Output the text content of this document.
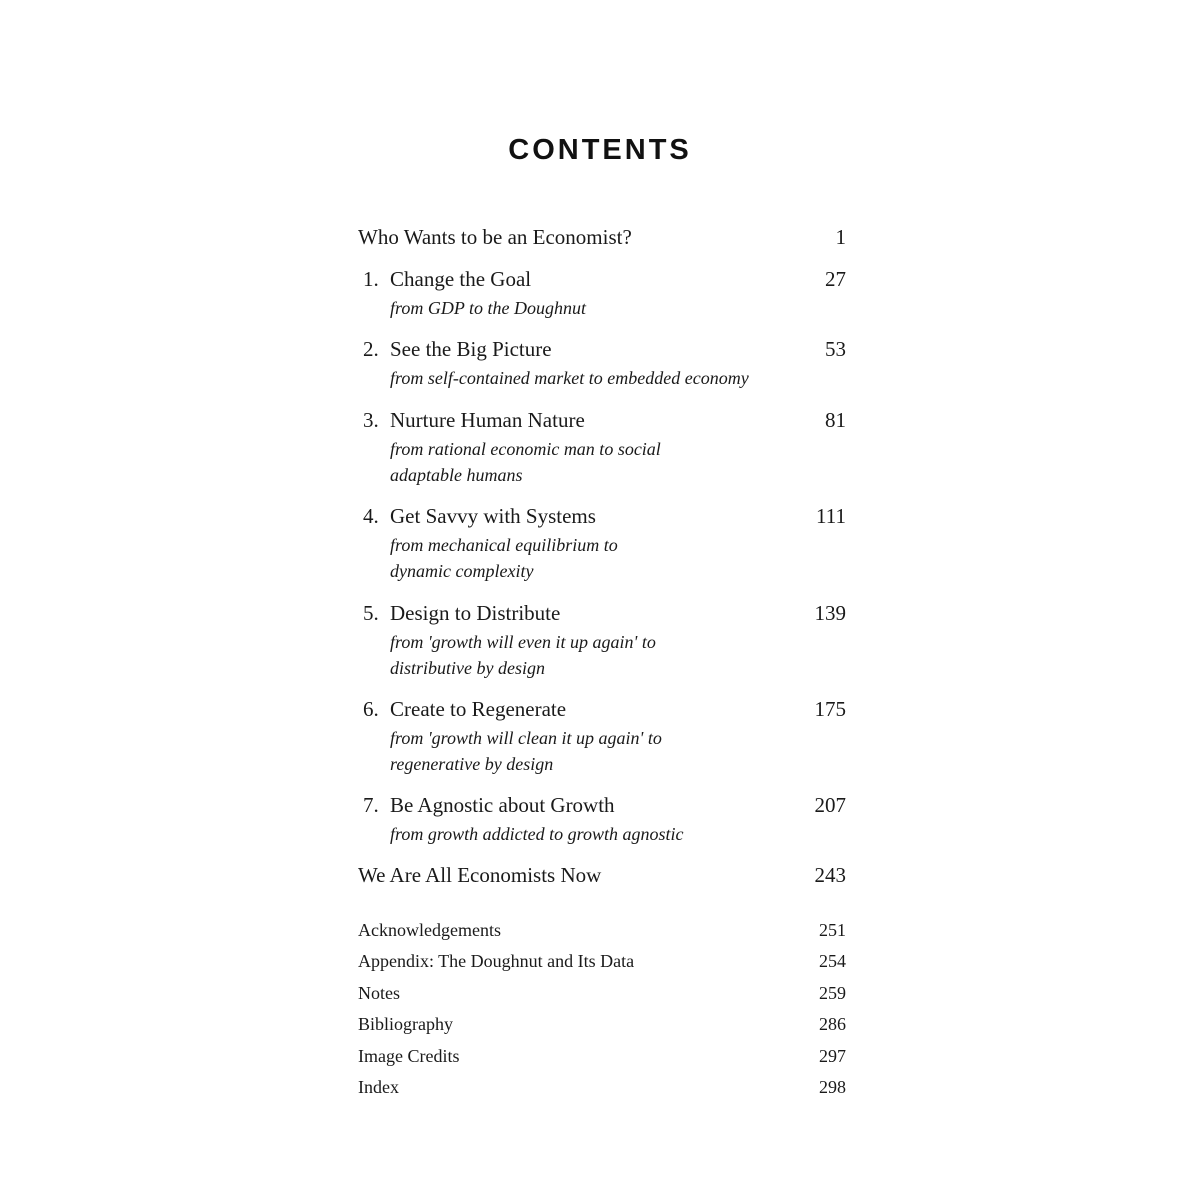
CONTENTS
Who Wants to be an Economist?	1
1. Change the Goal	27
from GDP to the Doughnut
2. See the Big Picture	53
from self-contained market to embedded economy
3. Nurture Human Nature	81
from rational economic man to social adaptable humans
4. Get Savvy with Systems	111
from mechanical equilibrium to dynamic complexity
5. Design to Distribute	139
from 'growth will even it up again' to distributive by design
6. Create to Regenerate	175
from 'growth will clean it up again' to regenerative by design
7. Be Agnostic about Growth	207
from growth addicted to growth agnostic
We Are All Economists Now	243
Acknowledgements	251
Appendix: The Doughnut and Its Data	254
Notes	259
Bibliography	286
Image Credits	297
Index	298
